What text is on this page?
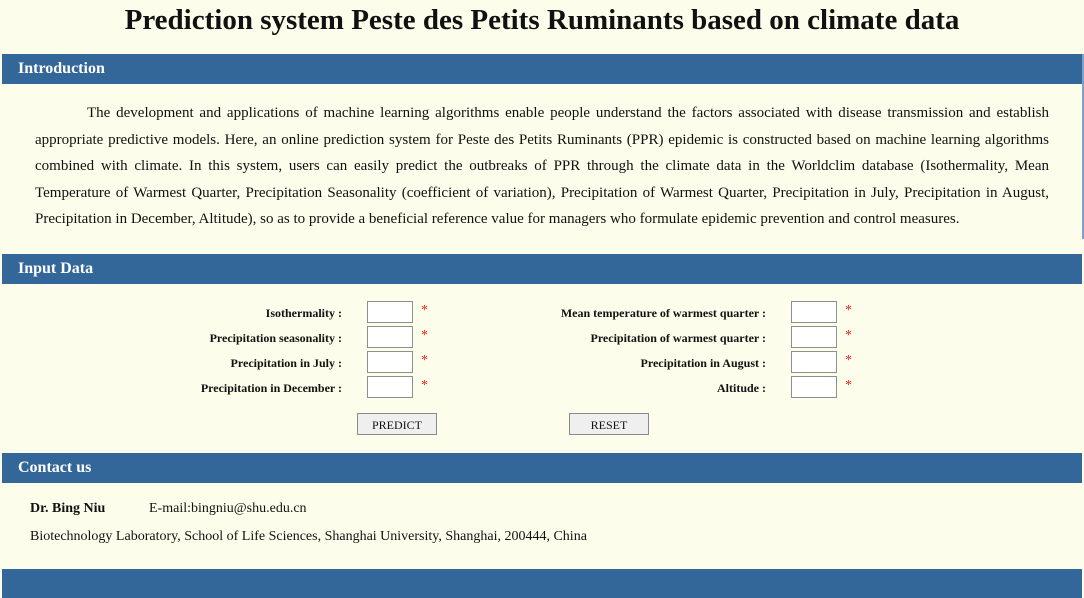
Prediction system Peste des Petits Ruminants based on climate data
Introduction
The development and applications of machine learning algorithms enable people understand the factors associated with disease transmission and establish appropriate predictive models. Here, an online prediction system for Peste des Petits Ruminants (PPR) epidemic is constructed based on machine learning algorithms combined with climate. In this system, users can easily predict the outbreaks of PPR through the climate data in the Worldclim database (Isothermality, Mean Temperature of Warmest Quarter, Precipitation Seasonality (coefficient of variation), Precipitation of Warmest Quarter, Precipitation in July, Precipitation in August, Precipitation in December, Altitude), so as to provide a beneficial reference value for managers who formulate epidemic prevention and control measures.
Input Data
Isothermality :	*
Precipitation seasonality :	*
Precipitation in July :	*
Precipitation in December :	*
Mean temperature of warmest quarter :	*
Precipitation of warmest quarter :	*
Precipitation in August :	*
Altitude :	*
PREDICT	RESET
Contact us
Dr. Bing Niu	E-mail:bingniu@shu.edu.cn
Biotechnology Laboratory, School of Life Sciences, Shanghai University, Shanghai, 200444, China
